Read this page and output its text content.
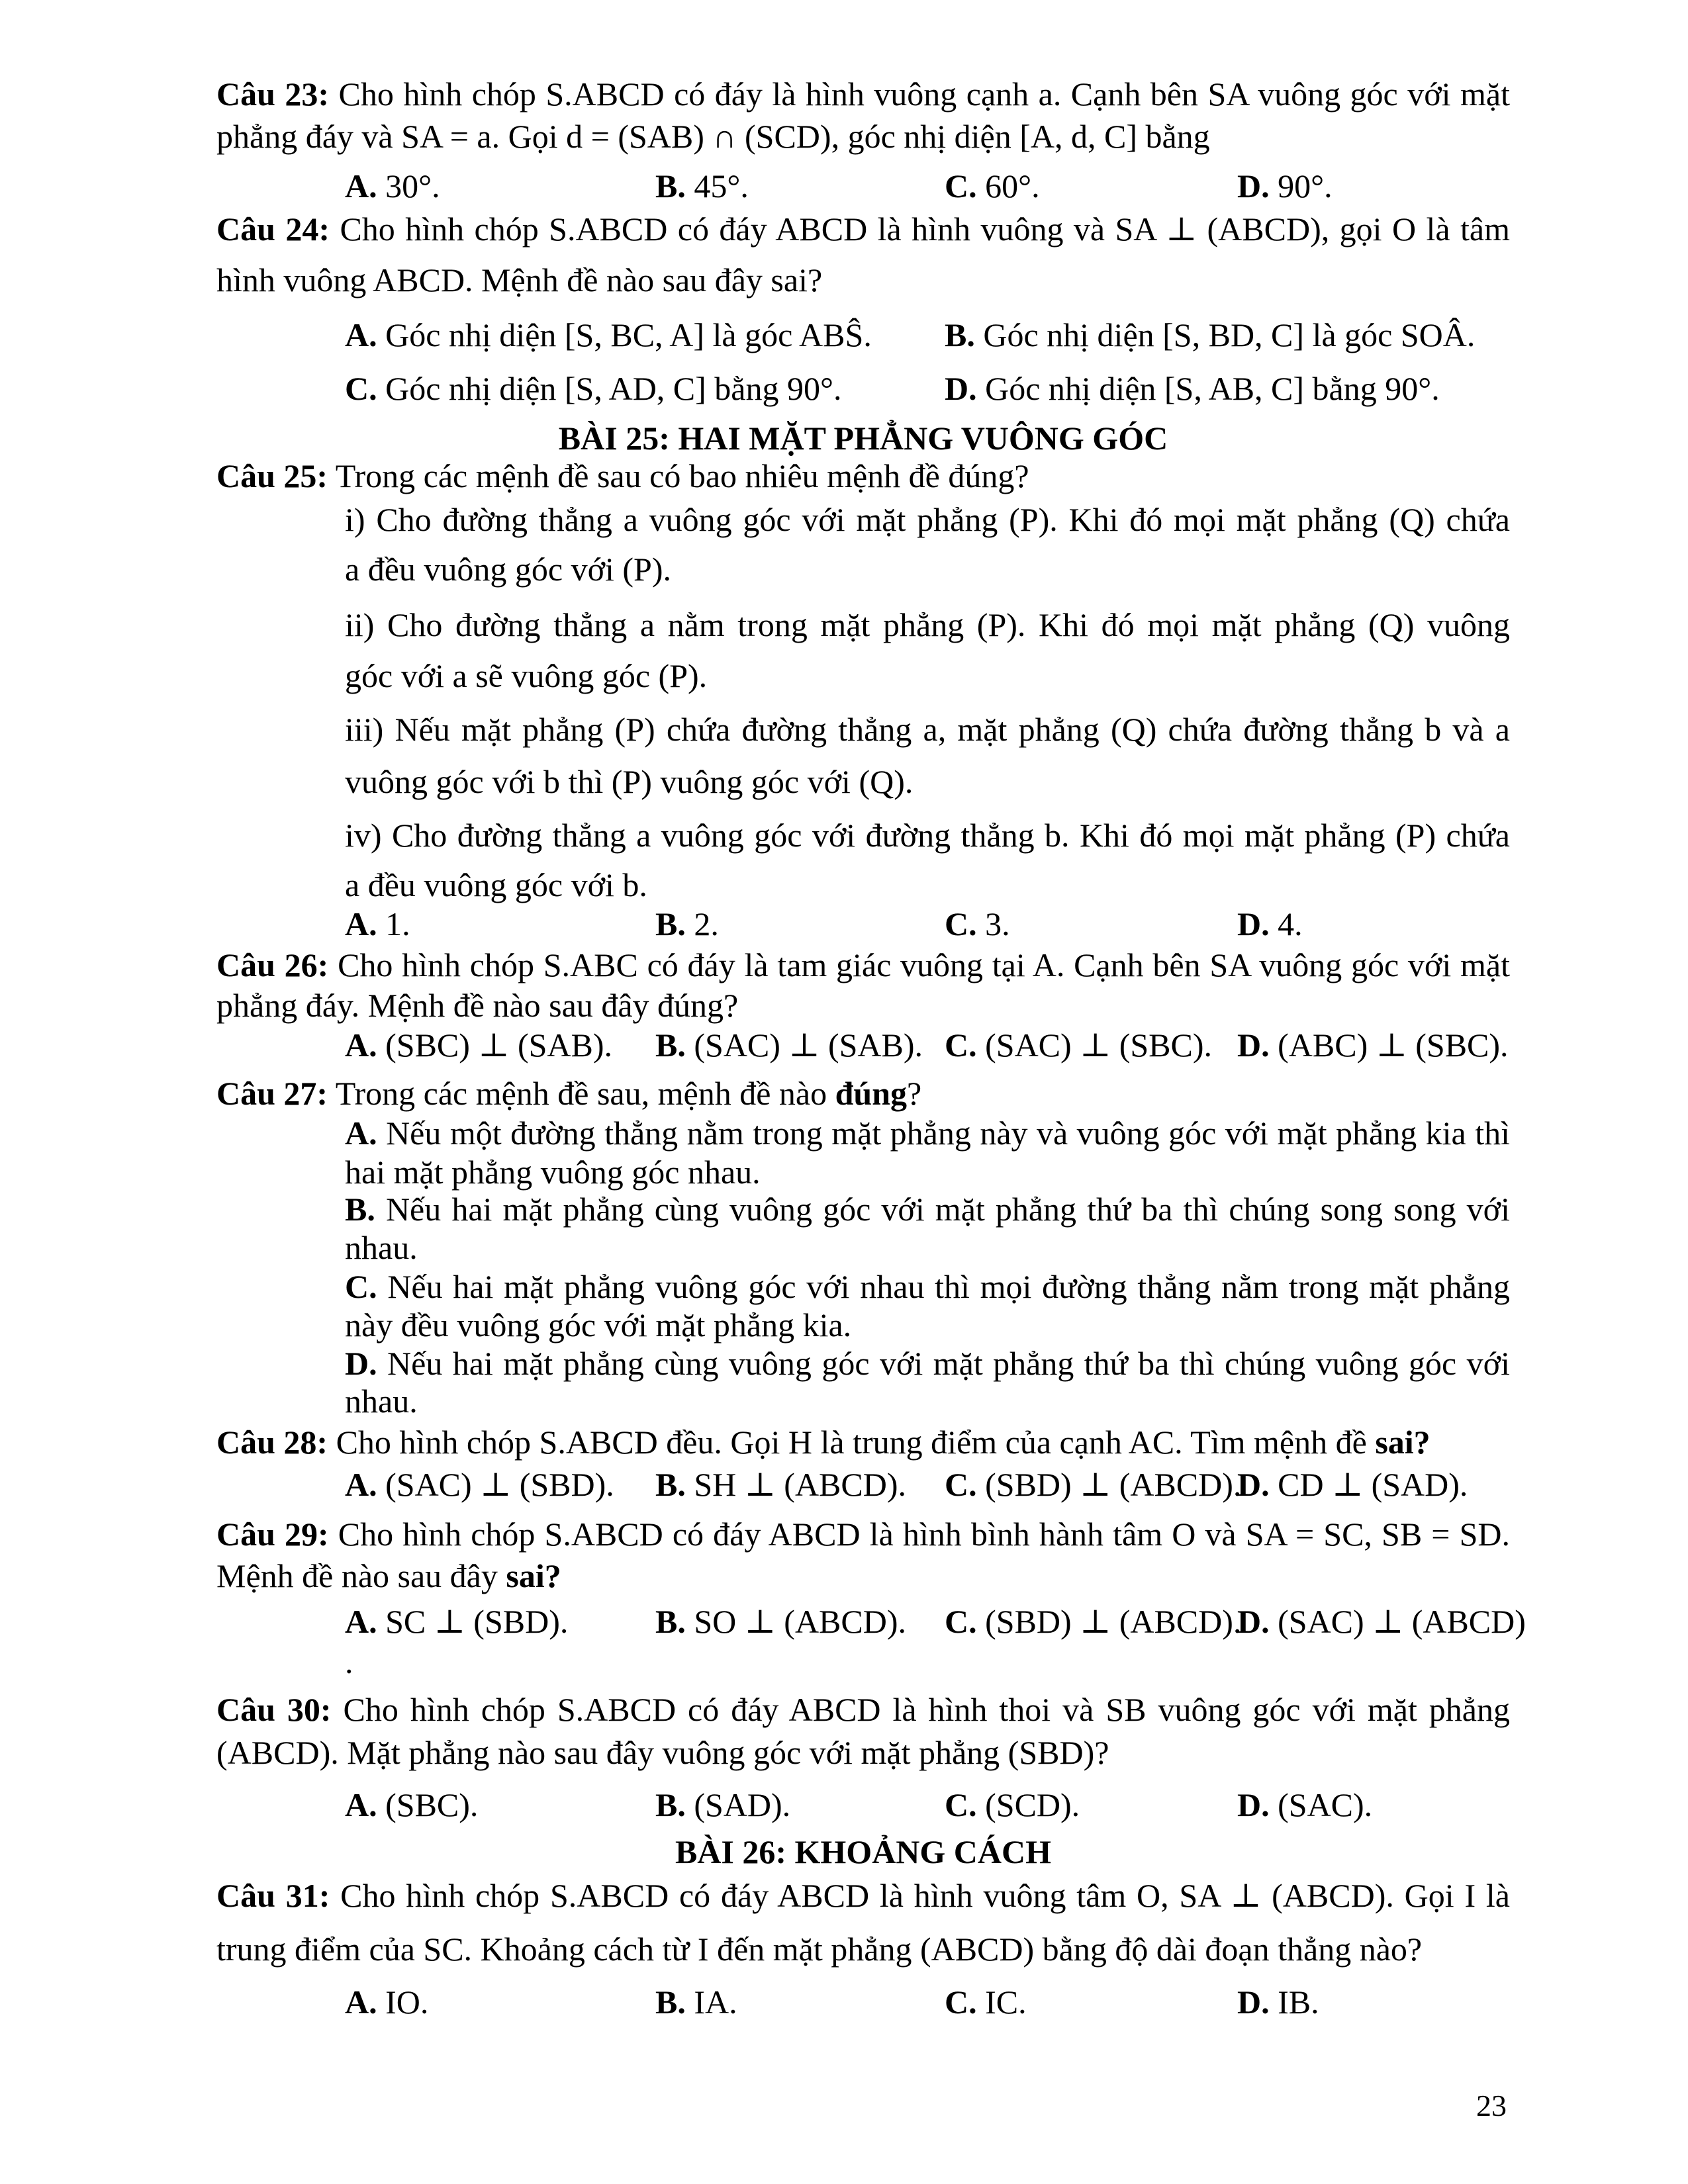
Câu 23: Cho hình chóp S.ABCD có đáy là hình vuông cạnh a. Cạnh bên SA vuông góc với mặt
phẳng đáy và SA = a. Gọi d = (SAB) ∩ (SCD), góc nhị diện [A, d, C] bằng
A. 30°.	B. 45°.	C. 60°.	D. 90°.
Câu 24: Cho hình chóp S.ABCD có đáy ABCD là hình vuông và SA ⊥ (ABCD), gọi O là tâm
hình vuông ABCD. Mệnh đề nào sau đây sai?
A. Góc nhị diện [S, BC, A] là góc ABŜ. B. Góc nhị diện [S, BD, C] là góc SOÂ.
C. Góc nhị diện [S, AD, C] bằng 90°.	D. Góc nhị diện [S, AB, C] bằng 90°.
BÀI 25: HAI MẶT PHẲNG VUÔNG GÓC
Câu 25: Trong các mệnh đề sau có bao nhiêu mệnh đề đúng?
i) Cho đường thẳng a vuông góc với mặt phẳng (P). Khi đó mọi mặt phẳng (Q) chứa
a đều vuông góc với (P).
ii) Cho đường thẳng a nằm trong mặt phẳng (P). Khi đó mọi mặt phẳng (Q) vuông
góc với a sẽ vuông góc (P).
iii) Nếu mặt phẳng (P) chứa đường thẳng a, mặt phẳng (Q) chứa đường thẳng b và a
vuông góc với b thì (P) vuông góc với (Q).
iv) Cho đường thẳng a vuông góc với đường thẳng b. Khi đó mọi mặt phẳng (P) chứa
a đều vuông góc với b.
A. 1.	B. 2.	C. 3.	D. 4.
Câu 26: Cho hình chóp S.ABC có đáy là tam giác vuông tại A. Cạnh bên SA vuông góc với mặt
phẳng đáy. Mệnh đề nào sau đây đúng?
A. (SBC) ⊥ (SAB). B. (SAC) ⊥ (SAB). C. (SAC) ⊥ (SBC). D. (ABC) ⊥ (SBC).
Câu 27: Trong các mệnh đề sau, mệnh đề nào đúng?
A. Nếu một đường thẳng nằm trong mặt phẳng này và vuông góc với mặt phẳng kia thì
hai mặt phẳng vuông góc nhau.
B. Nếu hai mặt phẳng cùng vuông góc với mặt phẳng thứ ba thì chúng song song với
nhau.
C. Nếu hai mặt phẳng vuông góc với nhau thì mọi đường thẳng nằm trong mặt phẳng
này đều vuông góc với mặt phẳng kia.
D. Nếu hai mặt phẳng cùng vuông góc với mặt phẳng thứ ba thì chúng vuông góc với
nhau.
Câu 28: Cho hình chóp S.ABCD đều. Gọi H là trung điểm của cạnh AC. Tìm mệnh đề sai?
A. (SAC) ⊥ (SBD). B. SH ⊥ (ABCD). C. (SBD) ⊥ (ABCD).
D. CD ⊥ (SAD).
Câu 29: Cho hình chóp S.ABCD có đáy ABCD là hình bình hành tâm O và SA = SC, SB = SD.
Mệnh đề nào sau đây sai?
A. SC ⊥ (SBD).	B. SO ⊥ (ABCD). C. (SBD) ⊥ (ABCD).
D. (SAC) ⊥ (ABCD)
.
Câu 30: Cho hình chóp S.ABCD có đáy ABCD là hình thoi và SB vuông góc với mặt phẳng
(ABCD). Mặt phẳng nào sau đây vuông góc với mặt phẳng (SBD)?
A. (SBC).	B. (SAD).	C. (SCD).	D. (SAC).
BÀI 26: KHOẢNG CÁCH
Câu 31: Cho hình chóp S.ABCD có đáy ABCD là hình vuông tâm O, SA ⊥ (ABCD). Gọi I là
trung điểm của SC. Khoảng cách từ I đến mặt phẳng (ABCD) bằng độ dài đoạn thẳng nào?
A. IO.	B. IA.	C. IC.	D. IB.
23
